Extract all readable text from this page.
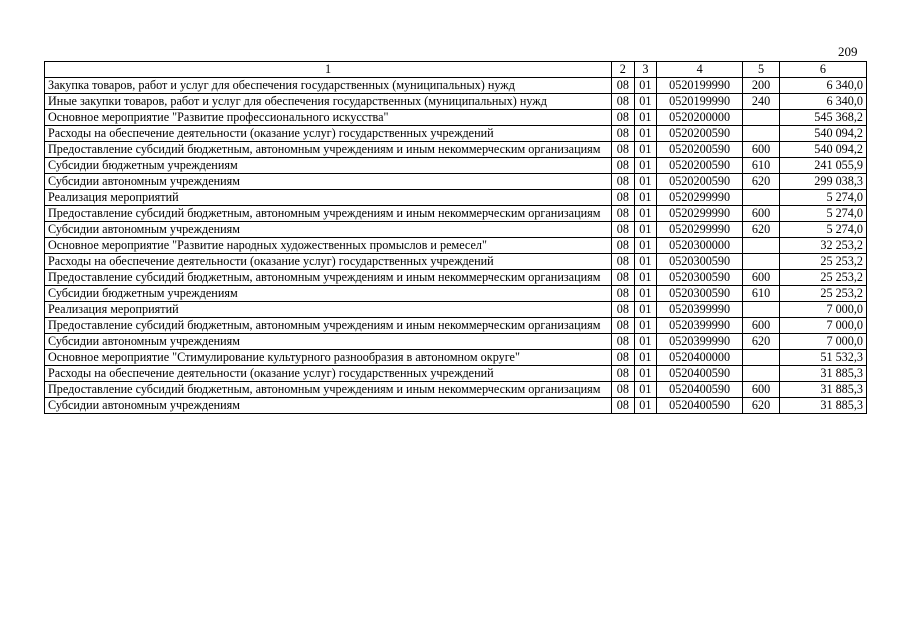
209
1	2	3	4	5	6
Закупка товаров, работ и услуг для обеспечения государственных (муниципальных) нужд	08	01	0520199990	200	6 340,0
Иные закупки товаров, работ и услуг для обеспечения государственных (муниципальных) нужд	08	01	0520199990	240	6 340,0
Основное мероприятие "Развитие профессионального искусства"	08	01	0520200000		545 368,2
Расходы на обеспечение деятельности (оказание услуг) государственных учреждений	08	01	0520200590		540 094,2
Предоставление субсидий бюджетным, автономным учреждениям и иным некоммерческим организациям	08	01	0520200590	600	540 094,2
Субсидии бюджетным учреждениям	08	01	0520200590	610	241 055,9
Субсидии автономным учреждениям	08	01	0520200590	620	299 038,3
Реализация мероприятий	08	01	0520299990		5 274,0
Предоставление субсидий бюджетным, автономным учреждениям и иным некоммерческим организациям	08	01	0520299990	600	5 274,0
Субсидии автономным учреждениям	08	01	0520299990	620	5 274,0
Основное мероприятие "Развитие народных художественных промыслов и ремесел"	08	01	0520300000		32 253,2
Расходы на обеспечение деятельности (оказание услуг) государственных учреждений	08	01	0520300590		25 253,2
Предоставление субсидий бюджетным, автономным учреждениям и иным некоммерческим организациям	08	01	0520300590	600	25 253,2
Субсидии бюджетным учреждениям	08	01	0520300590	610	25 253,2
Реализация мероприятий	08	01	0520399990		7 000,0
Предоставление субсидий бюджетным, автономным учреждениям и иным некоммерческим организациям	08	01	0520399990	600	7 000,0
Субсидии автономным учреждениям	08	01	0520399990	620	7 000,0
Основное мероприятие "Стимулирование культурного разнообразия в автономном округе"	08	01	0520400000		51 532,3
Расходы на обеспечение деятельности (оказание услуг) государственных учреждений	08	01	0520400590		31 885,3
Предоставление субсидий бюджетным, автономным учреждениям и иным некоммерческим организациям	08	01	0520400590	600	31 885,3
Субсидии автономным учреждениям	08	01	0520400590	620	31 885,3
